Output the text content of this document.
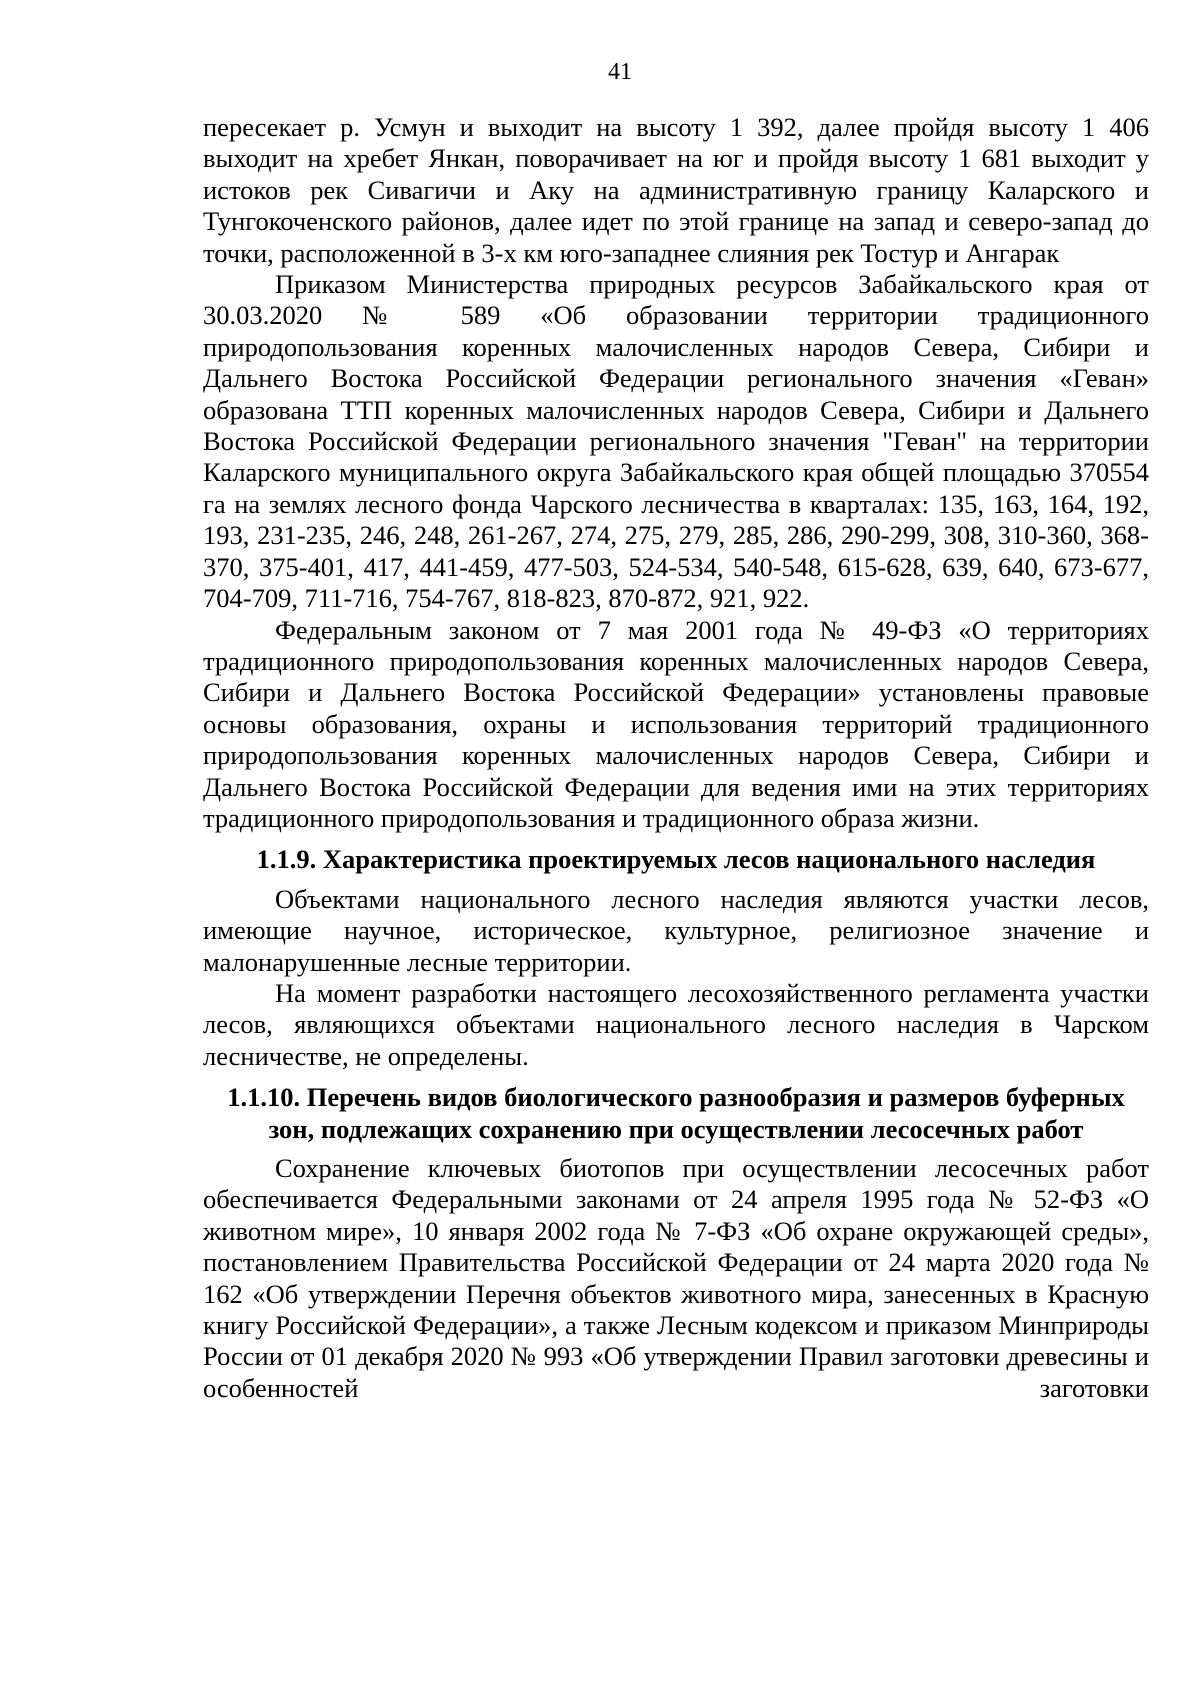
41

пересекает р. Усмун и выходит на высоту 1 392, далее пройдя высоту 1 406 выходит на хребет Янкан, поворачивает на юг и пройдя высоту 1 681 выходит у истоков рек Сивагичи и Аку на административную границу Каларского и Тунгокоченского районов, далее идет по этой границе на запад и северо-запад до точки, расположенной в 3-х км юго-западнее слияния рек Тостур и Ангарак

Приказом Министерства природных ресурсов Забайкальского края от 30.03.2020 № 589 «Об образовании территории традиционного природопользования коренных малочисленных народов Севера, Сибири и Дальнего Востока Российской Федерации регионального значения «Геван» образована ТТП коренных малочисленных народов Севера, Сибири и Дальнего Востока Российской Федерации регионального значения "Геван" на территории Каларского муниципального округа Забайкальского края общей площадью 370554 га на землях лесного фонда Чарского лесничества в кварталах: 135, 163, 164, 192, 193, 231-235, 246, 248, 261-267, 274, 275, 279, 285, 286, 290-299, 308, 310-360, 368-370, 375-401, 417, 441-459, 477-503, 524-534, 540-548, 615-628, 639, 640, 673-677, 704-709, 711-716, 754-767, 818-823, 870-872, 921, 922.

Федеральным законом от 7 мая 2001 года № 49-ФЗ «О территориях традиционного природопользования коренных малочисленных народов Севера, Сибири и Дальнего Востока Российской Федерации» установлены правовые основы образования, охраны и использования территорий традиционного природопользования коренных малочисленных народов Севера, Сибири и Дальнего Востока Российской Федерации для ведения ими на этих территориях традиционного природопользования и традиционного образа жизни.

1.1.9. Характеристика проектируемых лесов национального наследия

Объектами национального лесного наследия являются участки лесов, имеющие научное, историческое, культурное, религиозное значение и малонарушенные лесные территории.

На момент разработки настоящего лесохозяйственного регламента участки лесов, являющихся объектами национального лесного наследия в Чарском лесничестве, не определены.

1.1.10. Перечень видов биологического разнообразия и размеров буферных зон, подлежащих сохранению при осуществлении лесосечных работ

Сохранение ключевых биотопов при осуществлении лесосечных работ обеспечивается Федеральными законами от 24 апреля 1995 года № 52-ФЗ «О животном мире», 10 января 2002 года № 7-ФЗ «Об охране окружающей среды», постановлением Правительства Российской Федерации от 24 марта 2020 года № 162 «Об утверждении Перечня объектов животного мира, занесенных в Красную книгу Российской Федерации», а также Лесным кодексом и приказом Минприроды России от 01 декабря 2020 № 993 «Об утверждении Правил заготовки древесины и особенностей заготовки
